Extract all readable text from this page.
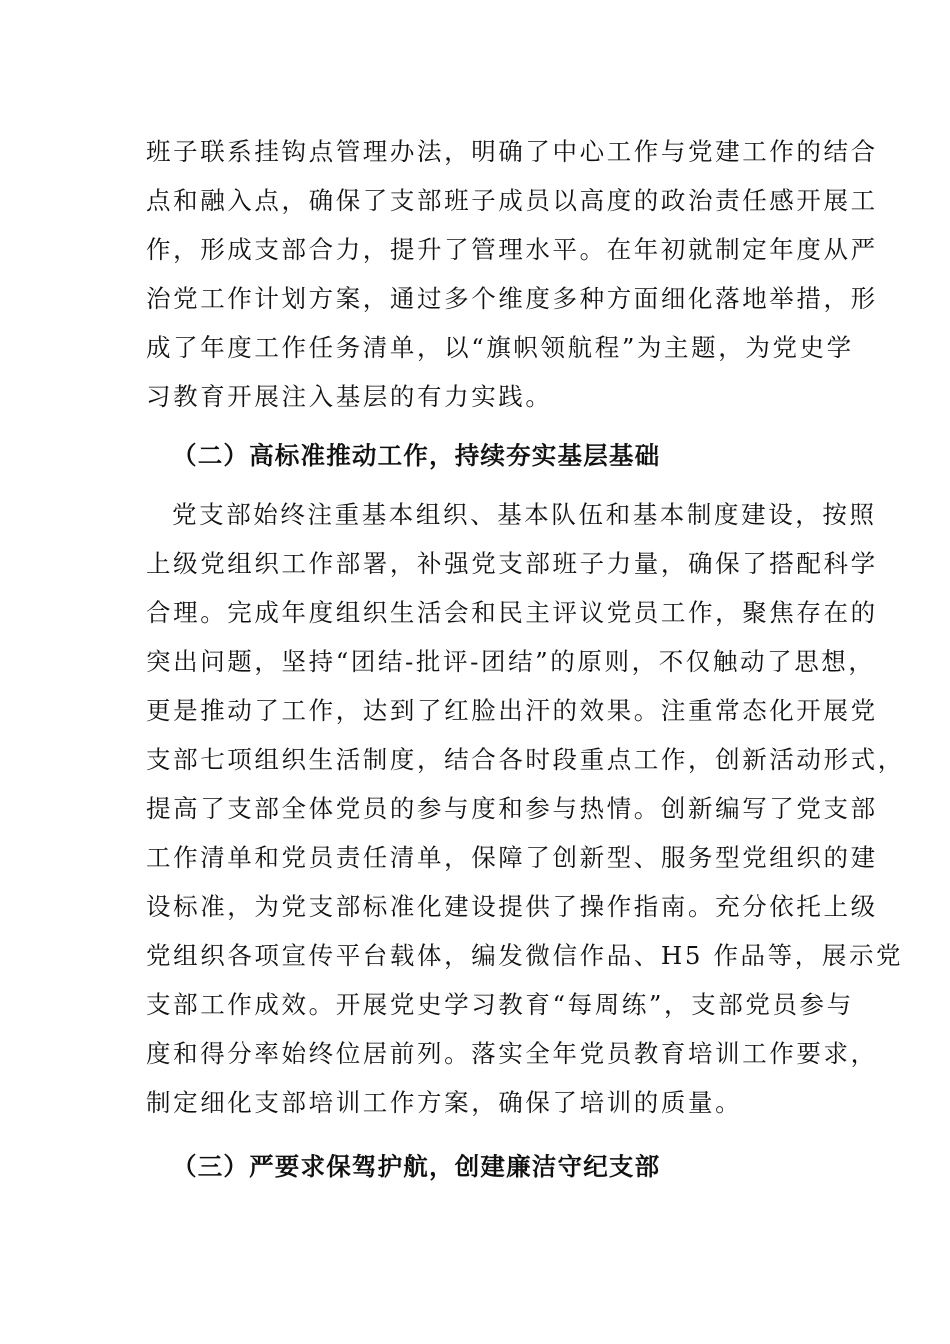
班子联系挂钩点管理办法，明确了中心工作与党建工作的结合
点和融入点，确保了支部班子成员以高度的政治责任感开展工
作，形成支部合力，提升了管理水平。在年初就制定年度从严
治党工作计划方案，通过多个维度多种方面细化落地举措，形
成了年度工作任务清单，以“旗帜领航程”为主题，为党史学
习教育开展注入基层的有力实践。
（二）高标准推动工作，持续夯实基层基础
党支部始终注重基本组织、基本队伍和基本制度建设，按照
上级党组织工作部署，补强党支部班子力量，确保了搭配科学
合理。完成年度组织生活会和民主评议党员工作，聚焦存在的
突出问题，坚持“团结-批评-团结”的原则，不仅触动了思想，
更是推动了工作，达到了红脸出汗的效果。注重常态化开展党
支部七项组织生活制度，结合各时段重点工作，创新活动形式，
提高了支部全体党员的参与度和参与热情。创新编写了党支部
工作清单和党员责任清单，保障了创新型、服务型党组织的建
设标准，为党支部标准化建设提供了操作指南。充分依托上级
党组织各项宣传平台载体，编发微信作品、H5 作品等，展示党
支部工作成效。开展党史学习教育“每周练”，支部党员参与
度和得分率始终位居前列。落实全年党员教育培训工作要求，
制定细化支部培训工作方案，确保了培训的质量。
（三）严要求保驾护航，创建廉洁守纪支部
